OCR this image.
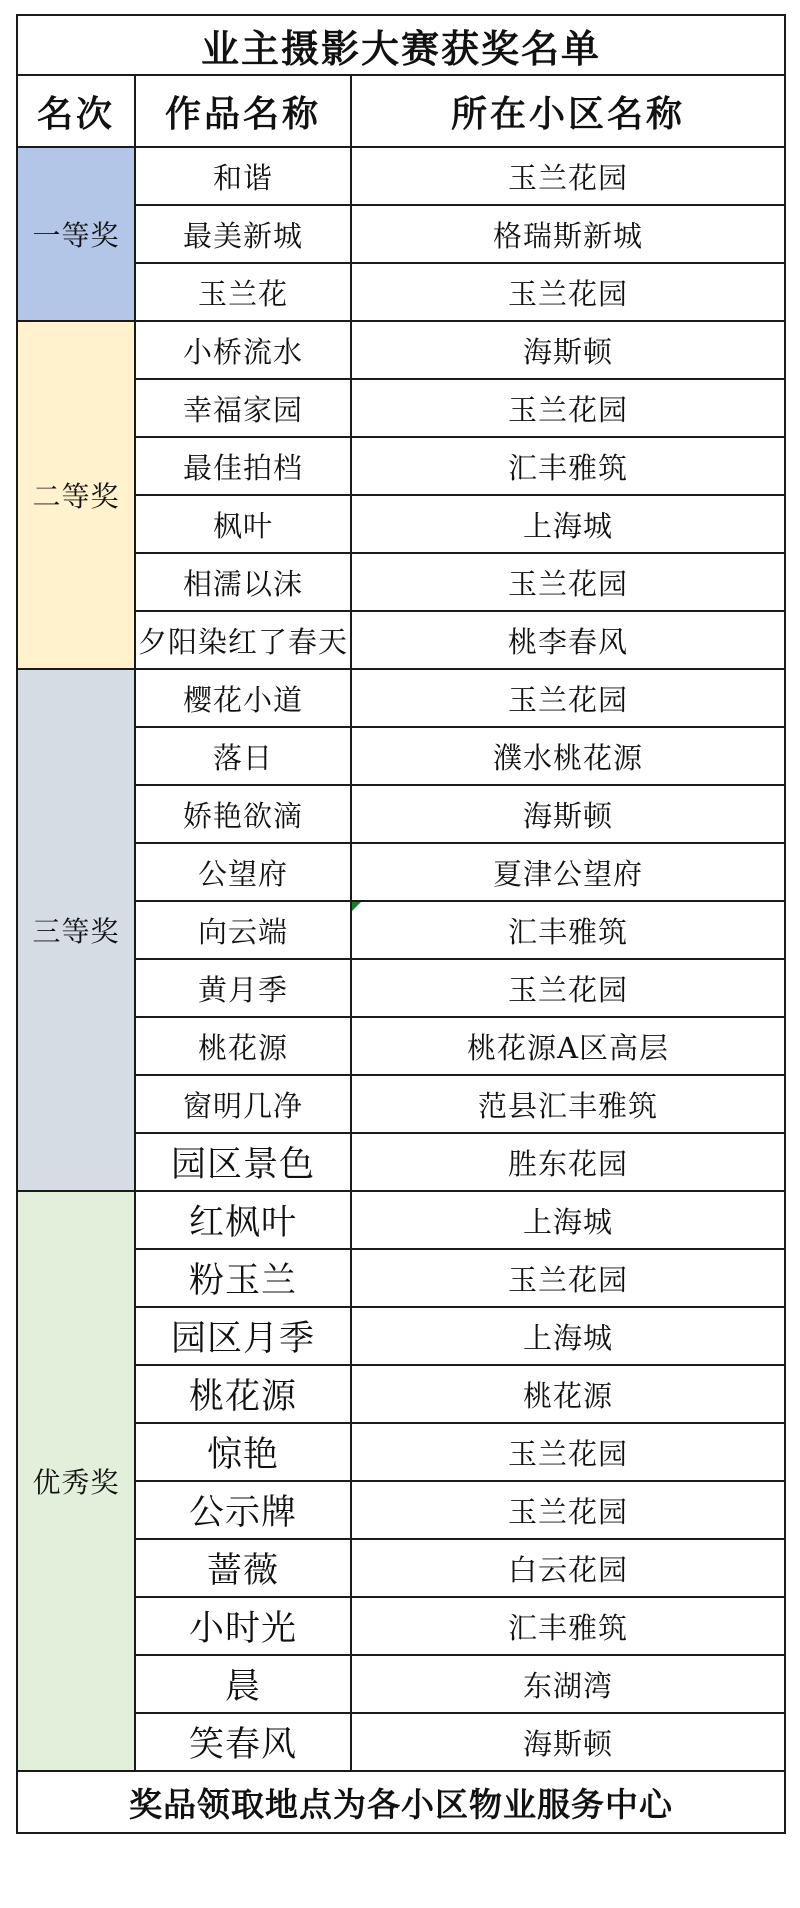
业主摄影大赛获奖名单		
名次	作品名称	所在小区名称
一等奖	和谐	玉兰花园
	最美新城	格瑞斯新城
	玉兰花	玉兰花园
二等奖	小桥流水	海斯顿
	幸福家园	玉兰花园
	最佳拍档	汇丰雅筑
	枫叶	上海城
	相濡以沫	玉兰花园
	夕阳染红了春天	桃李春风
三等奖	樱花小道	玉兰花园
	落日	濮水桃花源
	娇艳欲滴	海斯顿
	公望府	夏津公望府
	向云端	汇丰雅筑
	黄月季	玉兰花园
	桃花源	桃花源A区高层
	窗明几净	范县汇丰雅筑
	园区景色	胜东花园
优秀奖	红枫叶	上海城
	粉玉兰	玉兰花园
	园区月季	上海城
	桃花源	桃花源
	惊艳	玉兰花园
	公示牌	玉兰花园
	蔷薇	白云花园
	小时光	汇丰雅筑
	晨	东湖湾
	笑春风	海斯顿
奖品领取地点为各小区物业服务中心		
